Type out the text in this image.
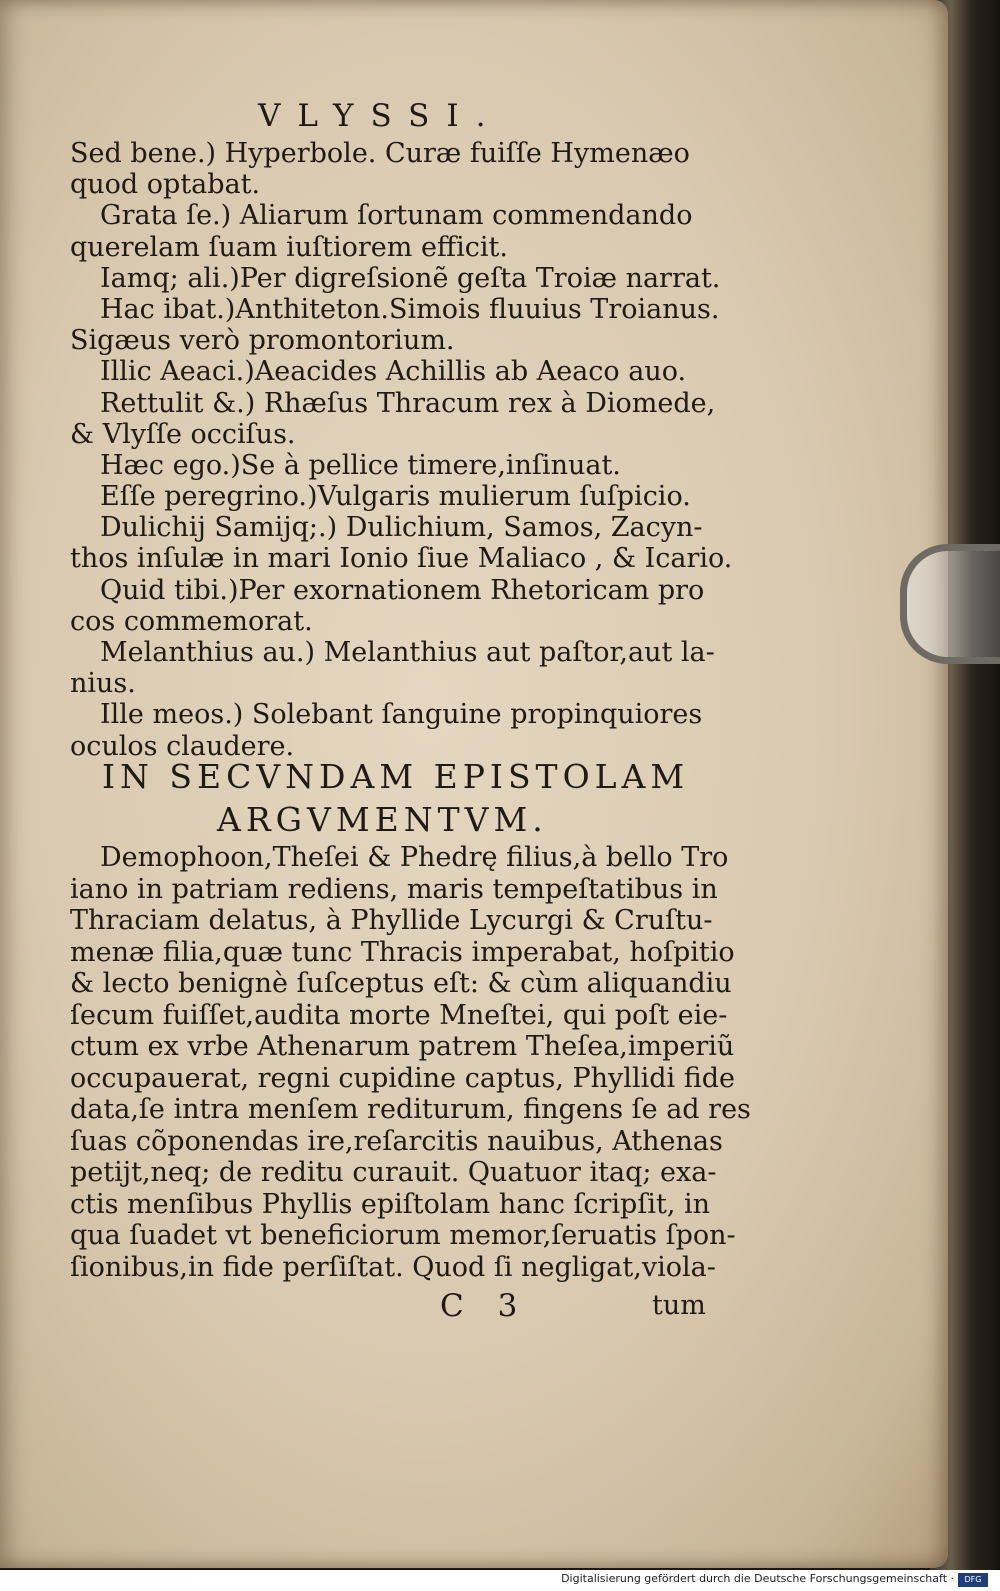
VLYSSI.
Sed bene.) Hyperbole. Curæ fuiſſe Hymenæo
quod optabat.
Grata ſe.) Aliarum ſortunam commendando
querelam ſuam iuſtiorem efficit.
Iamq; ali.)Per digreſsionẽ geſta Troiæ narrat.
Hac ibat.)Anthiteton.Simois fluuius Troianus.
Sigæus verò promontorium.
Illic Aeaci.)Aeacides Achillis ab Aeaco auo.
Rettulit &.) Rhæſus Thracum rex à Diomede,
& Vlyſſe occiſus.
Hæc ego.)Se à pellice timere,inſinuat.
Eſſe peregrino.)Vulgaris mulierum ſuſpicio.
Dulichij Samijq;.) Dulichium, Samos, Zacyn-
thos inſulæ in mari Ionio ſiue Maliaco , & Icario.
Quid tibi.)Per exornationem Rhetoricam pro
cos commemorat.
Melanthius au.) Melanthius aut paſtor,aut la-
nius.
Ille meos.) Solebant ſanguine propinquiores
oculos claudere.
IN SECVNDAM EPISTOLAM
ARGVMENTVM.
Demophoon,Theſei & Phedrę filius,à bello Tro
iano in patriam rediens, maris tempeſtatibus in
Thraciam delatus, à Phyllide Lycurgi & Cruſtu-
menæ filia,quæ tunc Thracis imperabat, hoſpitio
& lecto benignè ſuſceptus eſt: & cùm aliquandiu
ſecum fuiſſet,audita morte Mneſtei, qui poſt eie-
ctum ex vrbe Athenarum patrem Theſea,imperiũ
occupauerat, regni cupidine captus, Phyllidi fide
data,ſe intra menſem rediturum, fingens ſe ad res
ſuas cõponendas ire,reſarcitis nauibus, Athenas
petijt,neq; de reditu curauit. Quatuor itaq; exa-
ctis menſibus Phyllis epiſtolam hanc ſcripſit, in
qua ſuadet vt beneficiorum memor,ſeruatis ſpon-
ſionibus,in fide perſiſtat. Quod ſi negligat,viola-
C 3	tum
Digitalisierung gefördert durch die Deutsche Forschungsgemeinschaft ·	DFG
